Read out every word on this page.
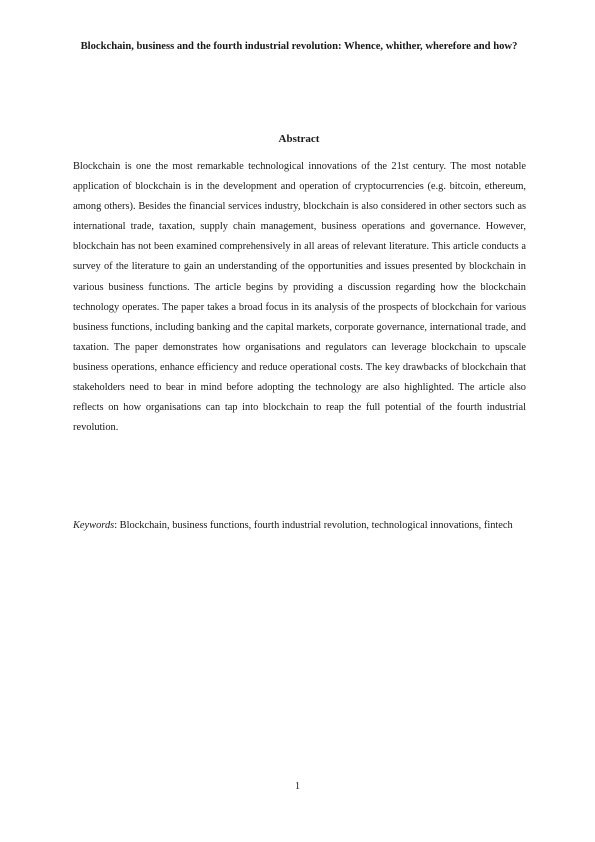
Blockchain, business and the fourth industrial revolution: Whence, whither, wherefore and how?
Abstract

Blockchain is one the most remarkable technological innovations of the 21st century. The most notable application of blockchain is in the development and operation of cryptocurrencies (e.g. bitcoin, ethereum, among others). Besides the financial services industry, blockchain is also considered in other sectors such as international trade, taxation, supply chain management, business operations and governance. However, blockchain has not been examined comprehensively in all areas of relevant literature. This article conducts a survey of the literature to gain an understanding of the opportunities and issues presented by blockchain in various business functions. The article begins by providing a discussion regarding how the blockchain technology operates. The paper takes a broad focus in its analysis of the prospects of blockchain for various business functions, including banking and the capital markets, corporate governance, international trade, and taxation. The paper demonstrates how organisations and regulators can leverage blockchain to upscale business operations, enhance efficiency and reduce operational costs. The key drawbacks of blockchain that stakeholders need to bear in mind before adopting the technology are also highlighted. The article also reflects on how organisations can tap into blockchain to reap the full potential of the fourth industrial revolution.

Keywords: Blockchain, business functions, fourth industrial revolution, technological innovations, fintech

1
